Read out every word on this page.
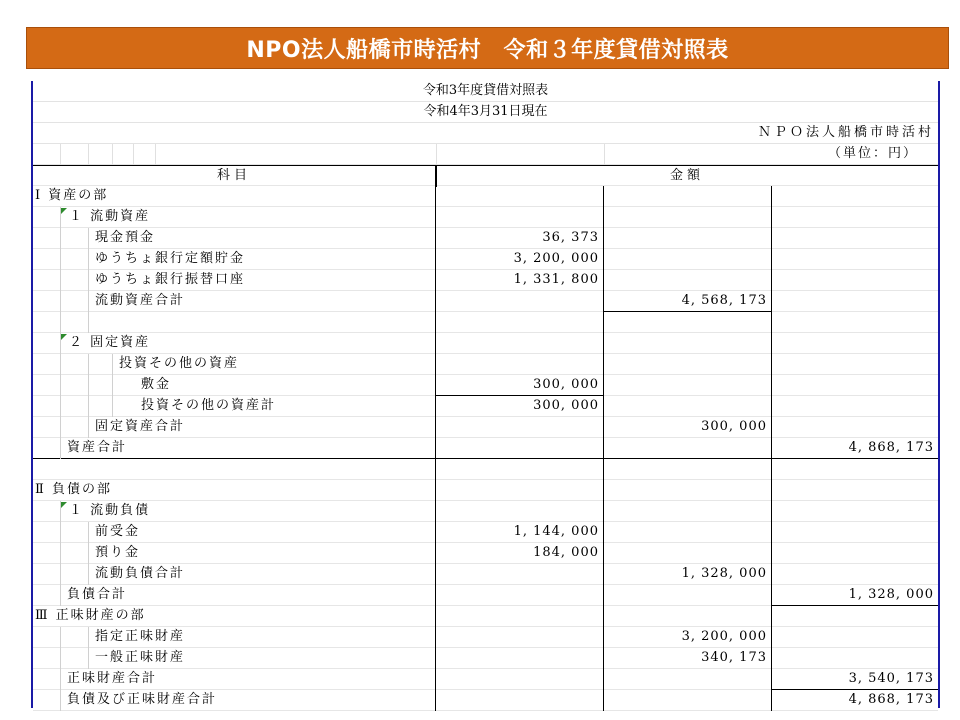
NPO法人船橋市時活村　令和３年度貸借対照表
令和3年度貸借対照表
令和4年3月31日現在
ＮＰＯ法人船橋市時活村
（単位：円）
科目	金額
Ⅰ 資産の部
１ 流動資産
現金預金	36, 373
ゆうちょ銀行定額貯金	3, 200, 000
ゆうちょ銀行振替口座	1, 331, 800
流動資産合計	4, 568, 173
２ 固定資産
投資その他の資産
敷金	300, 000
投資その他の資産計	300, 000
固定資産合計	300, 000
資産合計	4, 868, 173
Ⅱ 負債の部
１ 流動負債
前受金	1, 144, 000
預り金	184, 000
流動負債合計	1, 328, 000
負債合計	1, 328, 000
Ⅲ 正味財産の部
指定正味財産	3, 200, 000
一般正味財産	340, 173
正味財産合計	3, 540, 173
負債及び正味財産合計	4, 868, 173
